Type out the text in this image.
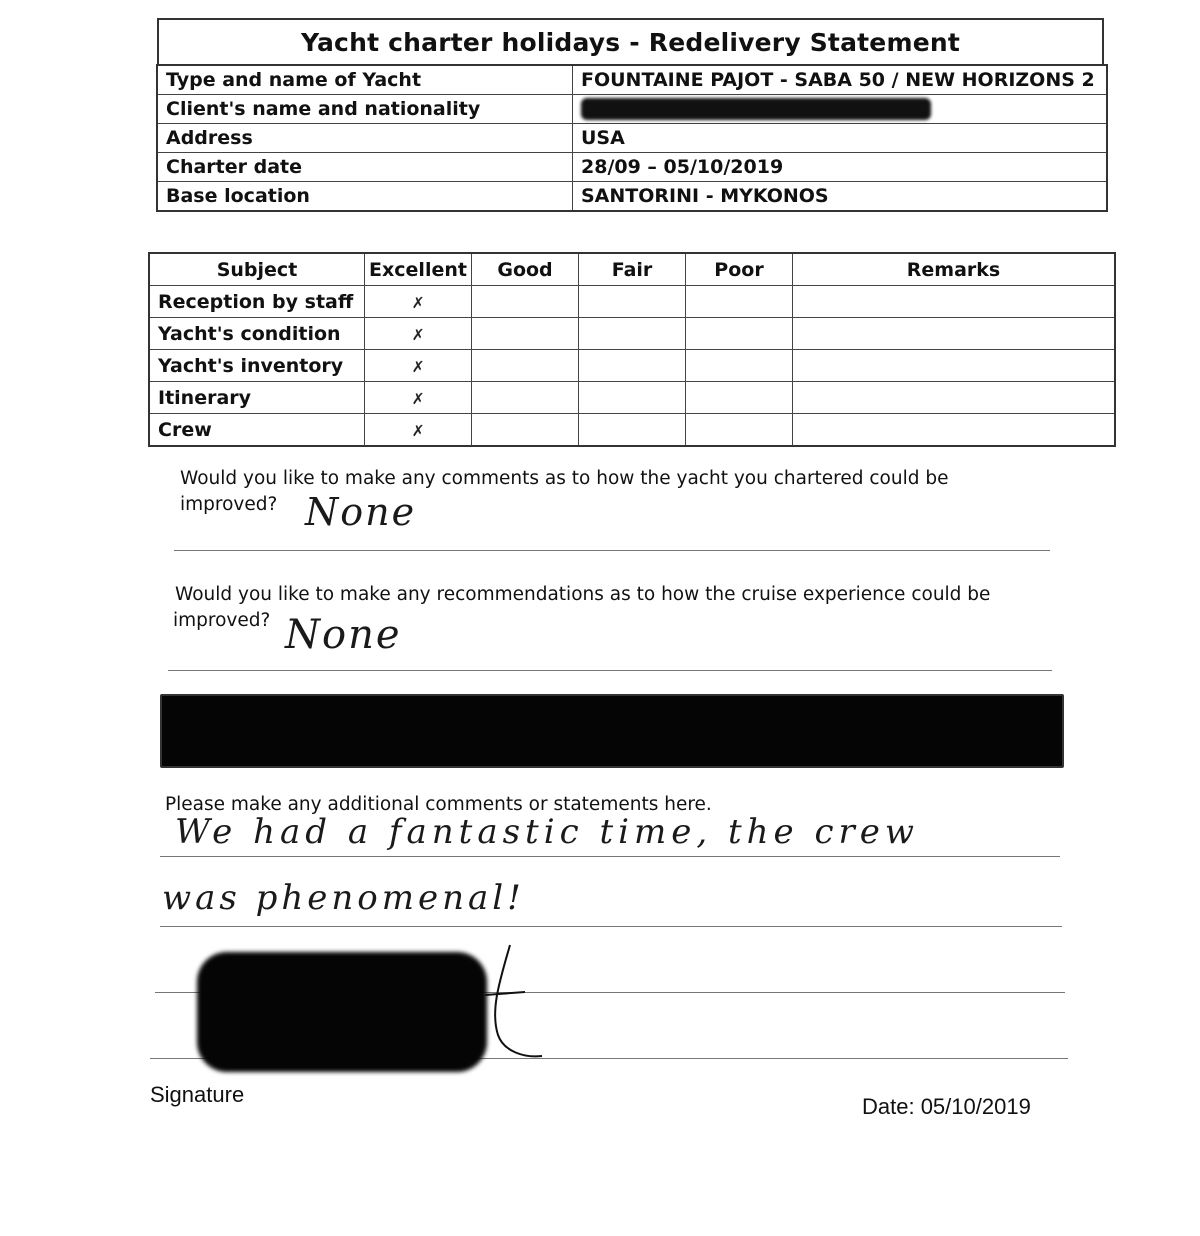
Yacht charter holidays - Redelivery Statement
Type and name of Yacht	FOUNTAINE PAJOT - SABA 50 / NEW HORIZONS 2
Client's name and nationality	
Address	USA
Charter date	28/09 – 05/10/2019
Base location	SANTORINI - MYKONOS
Subject	Excellent	Good	Fair	Poor	Remarks
Reception by staff	✗				
Yacht's condition	✗				
Yacht's inventory	✗				
Itinerary	✗				
Crew	✗				
Would you like to make any comments as to how the yacht you chartered could be
improved? None
Would you like to make any recommendations as to how the cruise experience could be
improved? None
Please make any additional comments or statements here.
We had a fantastic time, the crew
was phenomenal!
Signature	Date: 05/10/2019
